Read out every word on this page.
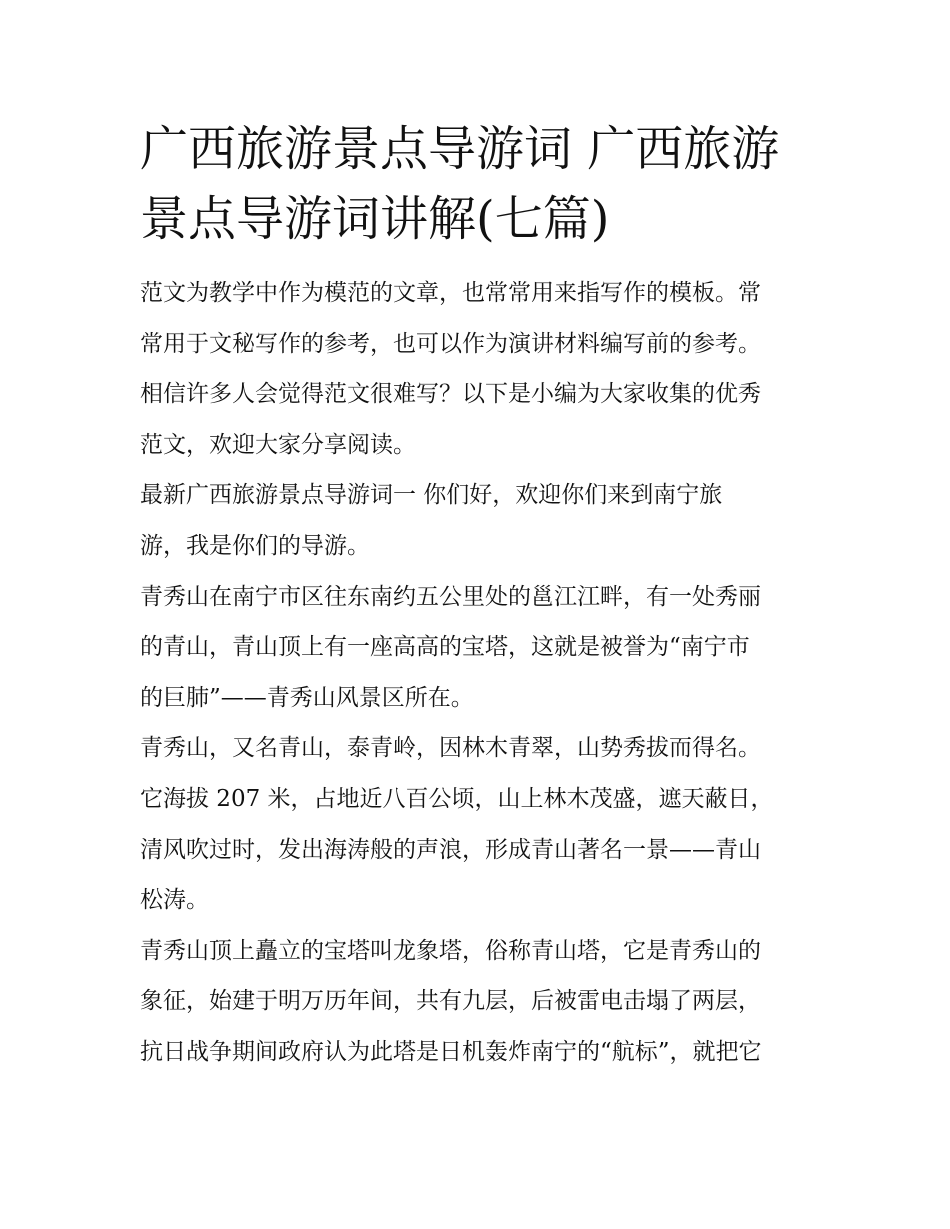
广西旅游景点导游词 广西旅游
景点导游词讲解(七篇)
范文为教学中作为模范的文章，也常常用来指写作的模板。常
常用于文秘写作的参考，也可以作为演讲材料编写前的参考。
相信许多人会觉得范文很难写？以下是小编为大家收集的优秀
范文，欢迎大家分享阅读。
最新广西旅游景点导游词一 你们好，欢迎你们来到南宁旅
游，我是你们的导游。
青秀山在南宁市区往东南约五公里处的邕江江畔，有一处秀丽
的青山，青山顶上有一座高高的宝塔，这就是被誉为“南宁市
的巨肺”——青秀山风景区所在。
青秀山，又名青山，泰青岭，因林木青翠，山势秀拔而得名。
它海拔 207 米，占地近八百公顷，山上林木茂盛，遮天蔽日，
清风吹过时，发出海涛般的声浪，形成青山著名一景——青山
松涛。
青秀山顶上矗立的宝塔叫龙象塔，俗称青山塔，它是青秀山的
象征，始建于明万历年间，共有九层，后被雷电击塌了两层，
抗日战争期间政府认为此塔是日机轰炸南宁的“航标”，就把它
